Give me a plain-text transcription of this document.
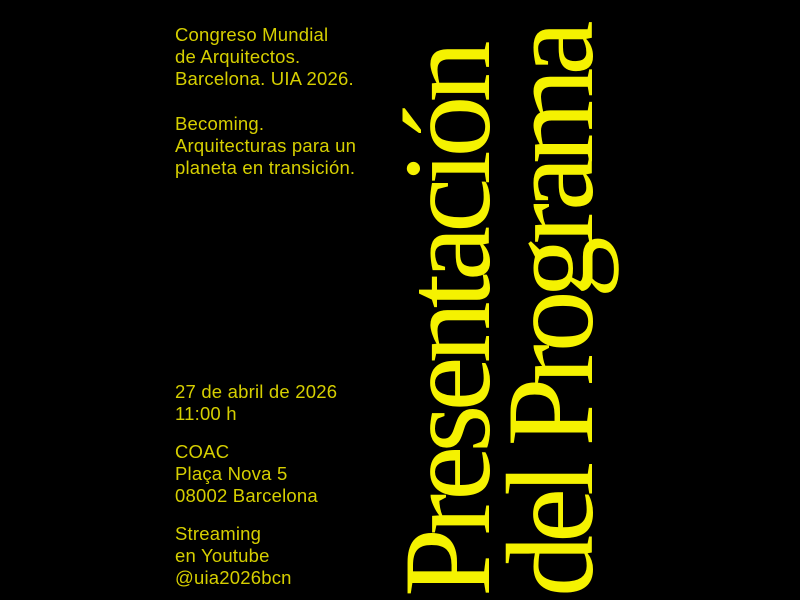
Congreso Mundial
de Arquitectos.
Barcelona. UIA 2026.

Becoming.
Arquitecturas para un
planeta en transición.

27 de abril de 2026
11:00 h

COAC
Plaça Nova 5
08002 Barcelona

Streaming
en Youtube
@uia2026bcn Presentación
del Programa
